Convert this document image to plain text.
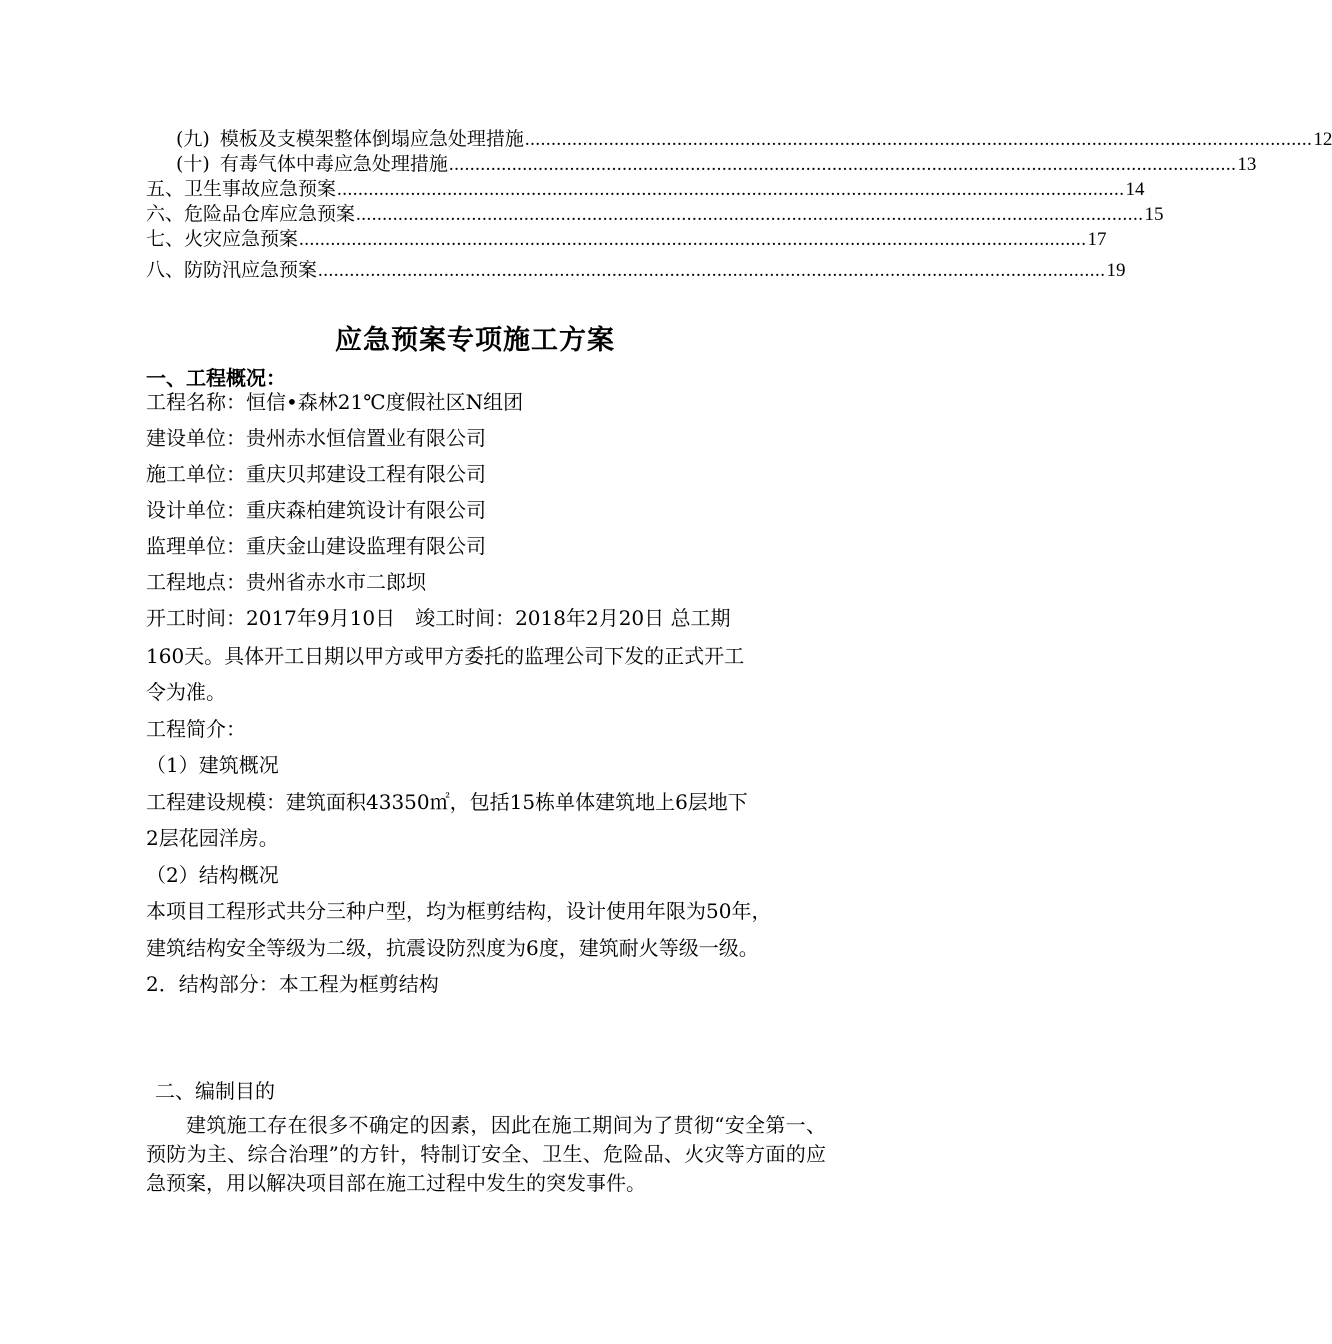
(九) 模板及支模架整体倒塌应急处理措施 ...................................................................................................................................................... 12
(十) 有毒气体中毒应急处理措施 ...................................................................................................................................................... 13
五、 卫生事故应急预案 ...................................................................................................................................................... 14
六、 危险品仓库应急预案 ...................................................................................................................................................... 15
七、 火灾应急预案 ...................................................................................................................................................... 17
八、 防防汛应急预案 ...................................................................................................................................................... 19
应急预案专项施工方案
一、工程概况：
工程名称：恒信•森林21℃度假社区N组团
建设单位：贵州赤水恒信置业有限公司
施工单位：重庆贝邦建设工程有限公司
设计单位：重庆森柏建筑设计有限公司
监理单位：重庆金山建设监理有限公司
工程地点：贵州省赤水市二郎坝
开工时间：2017年9月10日　竣工时间：2018年2月20日 总工期
160天。具体开工日期以甲方或甲方委托的监理公司下发的正式开工
令为准。
工程简介：
（1）建筑概况
工程建设规模：建筑面积43350㎡，包括15栋单体建筑地上6层地下
2层花园洋房。
（2）结构概况
本项目工程形式共分三种户型，均为框剪结构，设计使用年限为50年，
建筑结构安全等级为二级，抗震设防烈度为6度，建筑耐火等级一级。
2．结构部分：本工程为框剪结构
二、编制目的
建筑施工存在很多不确定的因素，因此在施工期间为了贯彻“安全第一、预防为主、综合治理”的方针，特制订安全、卫生、危险品、火灾等方面的应急预案，用以解决项目部在施工过程中发生的突发事件。
